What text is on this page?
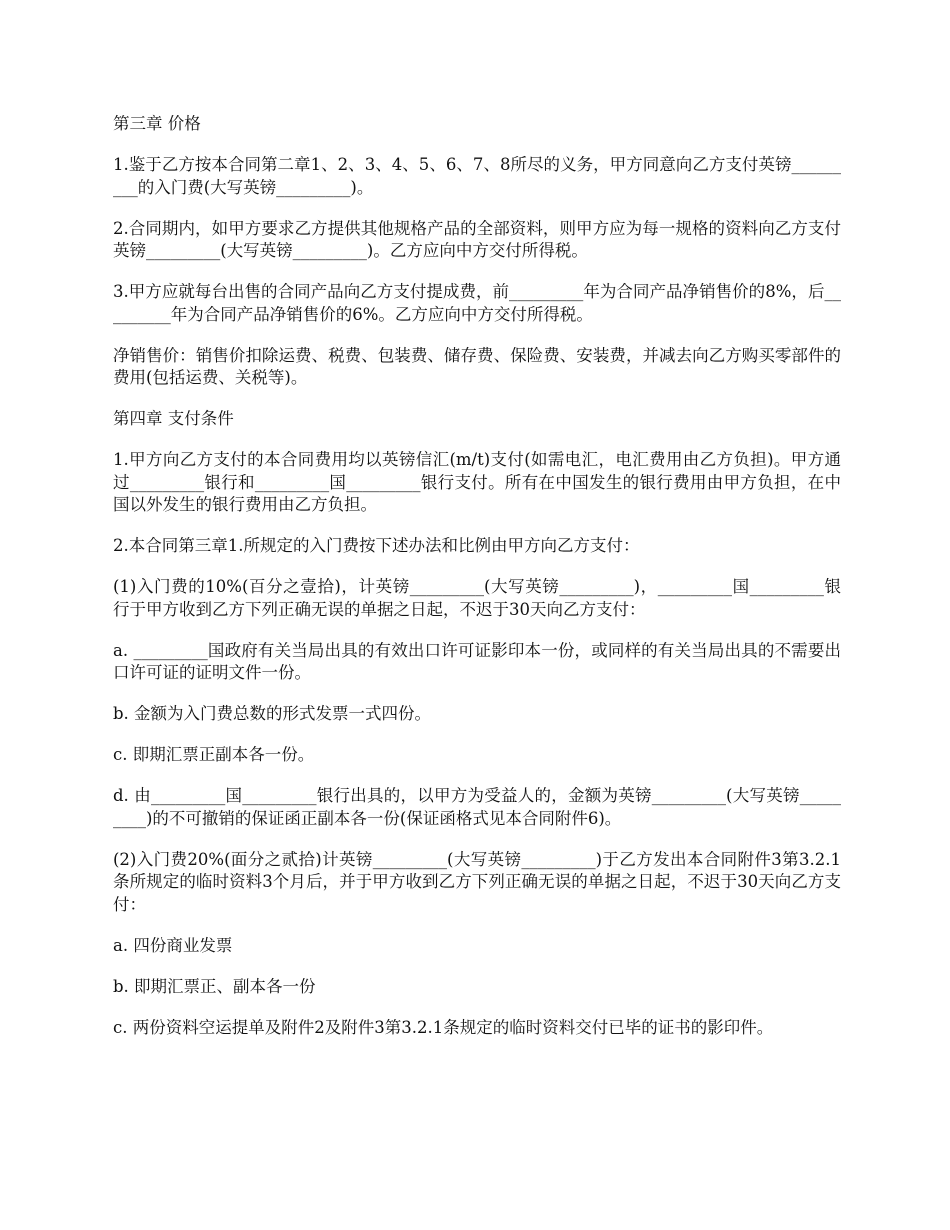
第三章 价格
1.鉴于乙方按本合同第二章1、2、3、4、5、6、7、8所尽的义务，甲方同意向乙方支付英镑_________的入门费(大写英镑_________)。
2.合同期内，如甲方要求乙方提供其他规格产品的全部资料，则甲方应为每一规格的资料向乙方支付英镑_________(大写英镑_________)。乙方应向中方交付所得税。
3.甲方应就每台出售的合同产品向乙方支付提成费，前_________年为合同产品净销售价的8%，后_________年为合同产品净销售价的6%。乙方应向中方交付所得税。
净销售价：销售价扣除运费、税费、包装费、储存费、保险费、安装费，并减去向乙方购买零部件的费用(包括运费、关税等)。
第四章 支付条件
1.甲方向乙方支付的本合同费用均以英镑信汇(m/t)支付(如需电汇，电汇费用由乙方负担)。甲方通过_________银行和_________国_________银行支付。所有在中国发生的银行费用由甲方负担，在中国以外发生的银行费用由乙方负担。
2.本合同第三章1.所规定的入门费按下述办法和比例由甲方向乙方支付：
(1)入门费的10%(百分之壹拾)，计英镑_________(大写英镑_________)，_________国_________银行于甲方收到乙方下列正确无误的单据之日起，不迟于30天向乙方支付：
a. _________国政府有关当局出具的有效出口许可证影印本一份，或同样的有关当局出具的不需要出口许可证的证明文件一份。
b. 金额为入门费总数的形式发票一式四份。
c. 即期汇票正副本各一份。
d. 由_________国_________银行出具的，以甲方为受益人的，金额为英镑_________(大写英镑_________)的不可撤销的保证函正副本各一份(保证函格式见本合同附件6)。
(2)入门费20%(面分之贰拾)计英镑_________(大写英镑_________)于乙方发出本合同附件3第3.2.1条所规定的临时资料3个月后，并于甲方收到乙方下列正确无误的单据之日起，不迟于30天向乙方支付：
a. 四份商业发票
b. 即期汇票正、副本各一份
c. 两份资料空运提单及附件2及附件3第3.2.1条规定的临时资料交付已毕的证书的影印件。
